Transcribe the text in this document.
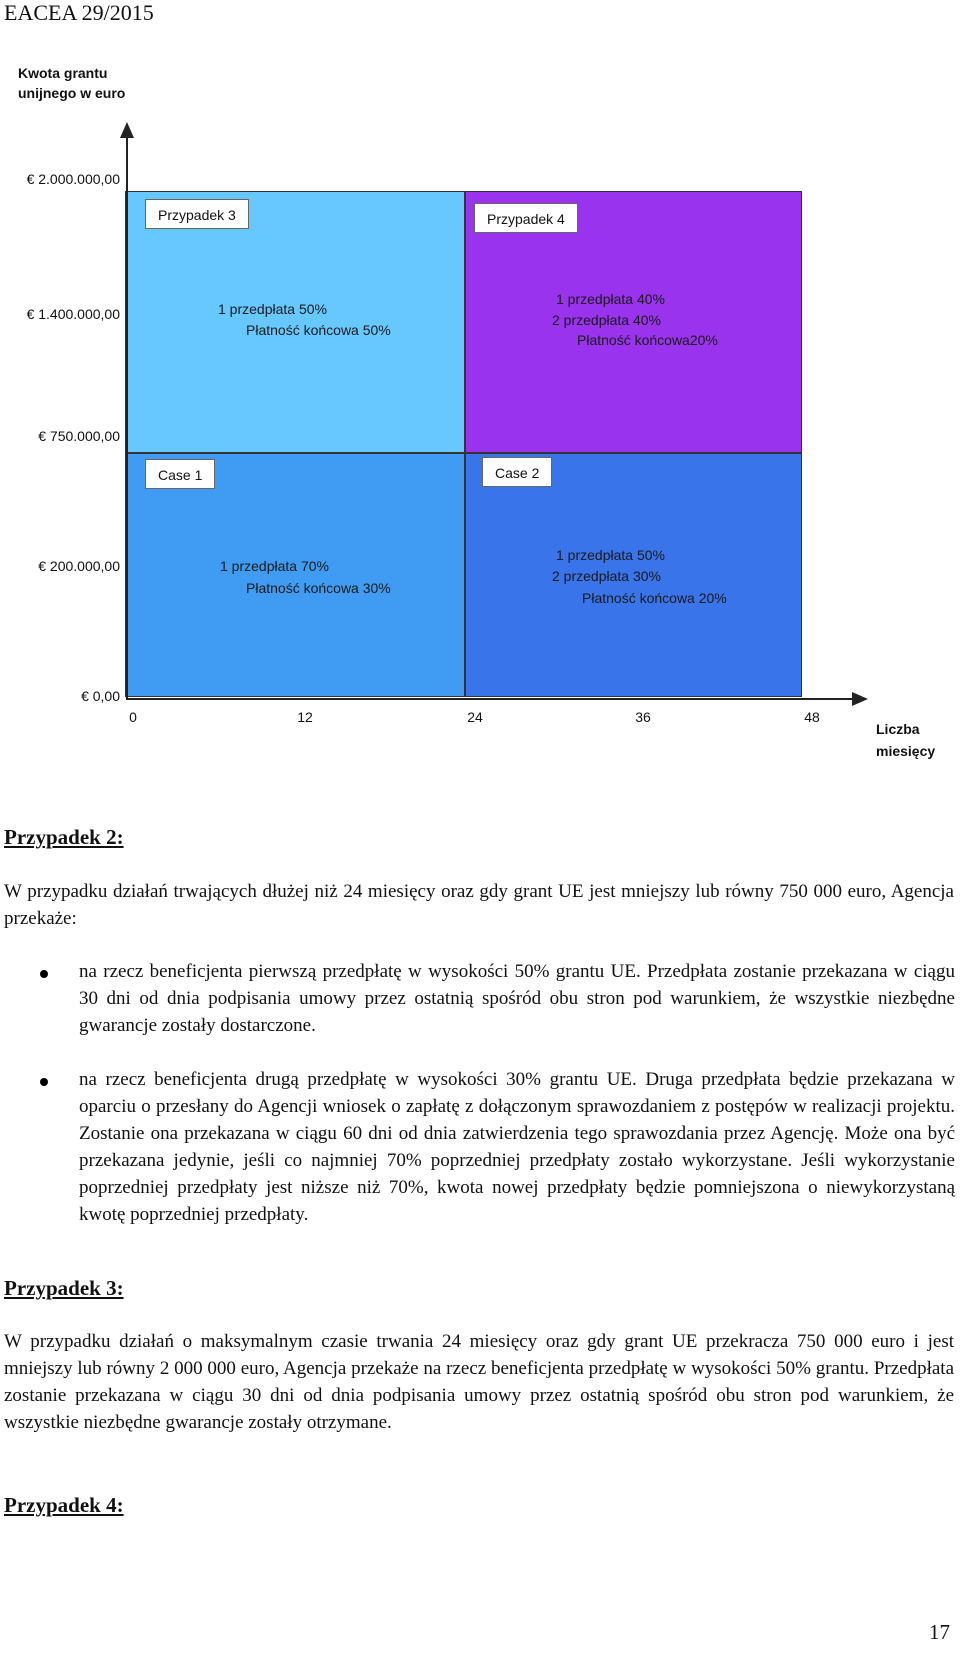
EACEA 29/2015
Kwota grantu unijnego w euro
€ 2.000.000,00
€ 1.400.000,00
€ 750.000,00
€ 200.000,00
€ 0,00
0	12	24	36	48
Liczba miesięcy
Przypadek 3	Przypadek 4
Case 1	Case 2
1 przedpłata 50%
Płatność końcowa 50%
1 przedpłata 40%
2 przedpłata 40%
Płatność końcowa20%
1 przedpłata 70%
Płatność końcowa 30%
1 przedpłata 50%
2 przedpłata 30%
Płatność końcowa 20%
Przypadek 2:
W przypadku działań trwających dłużej niż 24 miesięcy oraz gdy grant UE jest mniejszy lub równy 750 000 euro, Agencja przekaże:
na rzecz beneficjenta pierwszą przedpłatę w wysokości 50% grantu UE. Przedpłata zostanie przekazana w ciągu 30 dni od dnia podpisania umowy przez ostatnią spośród obu stron pod warunkiem, że wszystkie niezbędne gwarancje zostały dostarczone.
na rzecz beneficjenta drugą przedpłatę w wysokości 30% grantu UE. Druga przedpłata będzie przekazana w oparciu o przesłany do Agencji wniosek o zapłatę z dołączonym sprawozdaniem z postępów w realizacji projektu. Zostanie ona przekazana w ciągu 60 dni od dnia zatwierdzenia tego sprawozdania przez Agencję. Może ona być przekazana jedynie, jeśli co najmniej 70% poprzedniej przedpłaty zostało wykorzystane. Jeśli wykorzystanie poprzedniej przedpłaty jest niższe niż 70%, kwota nowej przedpłaty będzie pomniejszona o niewykorzystaną kwotę poprzedniej przedpłaty.
Przypadek 3:
W przypadku działań o maksymalnym czasie trwania 24 miesięcy oraz gdy grant UE przekracza 750 000 euro i jest mniejszy lub równy 2 000 000 euro, Agencja przekaże na rzecz beneficjenta przedpłatę w wysokości 50% grantu. Przedpłata zostanie przekazana w ciągu 30 dni od dnia podpisania umowy przez ostatnią spośród obu stron pod warunkiem, że wszystkie niezbędne gwarancje zostały otrzymane.
Przypadek 4:
17
